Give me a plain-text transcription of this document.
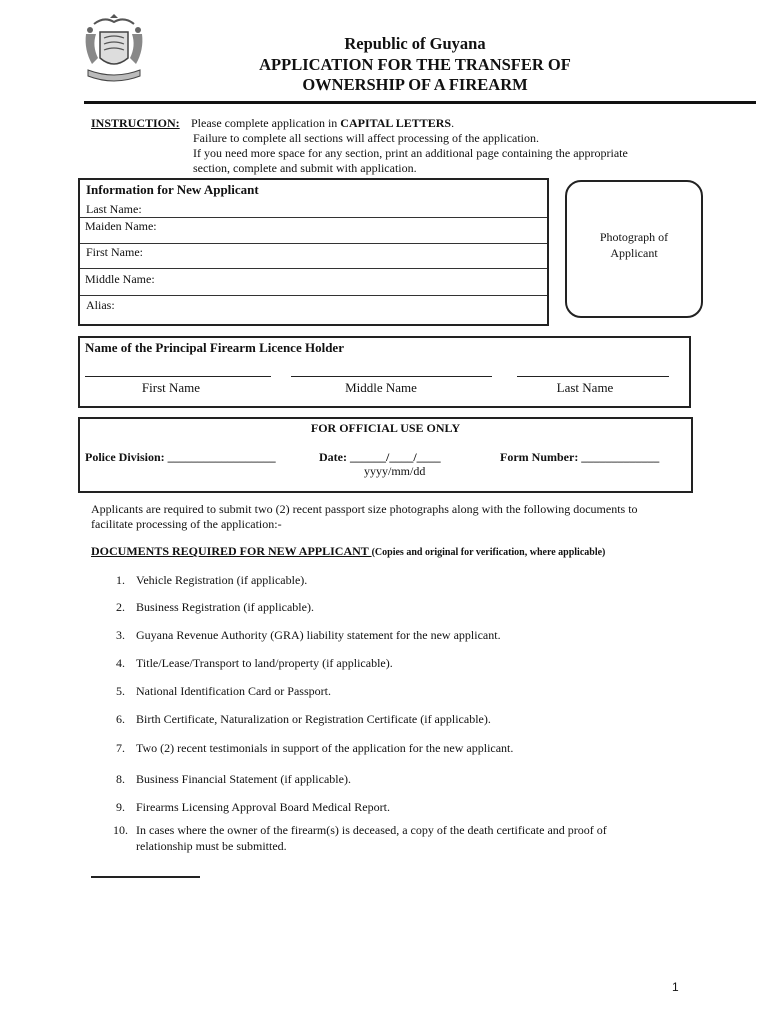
Republic of Guyana
APPLICATION FOR THE TRANSFER OF
OWNERSHIP OF A FIREARM
INSTRUCTION: Please complete application in CAPITAL LETTERS.
Failure to complete all sections will affect processing of the application.
If you need more space for any section, print an additional page containing the appropriate
section, complete and submit with application.
Information for New Applicant
Last Name:
Maiden Name:
First Name:
Middle Name:
Alias:
Photograph of
Applicant
Name of the Principal Firearm Licence Holder
First Name	Middle Name	Last Name
FOR OFFICIAL USE ONLY
Police Division: __________________	Date: ______/____/____
yyyy/mm/dd
Form Number: _____________
Applicants are required to submit two (2) recent passport size photographs along with the following documents to
facilitate processing of the application:-
DOCUMENTS REQUIRED FOR NEW APPLICANT (Copies and original for verification, where applicable)
1. Vehicle Registration (if applicable).
2. Business Registration (if applicable).
3. Guyana Revenue Authority (GRA) liability statement for the new applicant.
4. Title/Lease/Transport to land/property (if applicable).
5. National Identification Card or Passport.
6. Birth Certificate, Naturalization or Registration Certificate (if applicable).
7. Two (2) recent testimonials in support of the application for the new applicant.
8. Business Financial Statement (if applicable).
9. Firearms Licensing Approval Board Medical Report.
10. In cases where the owner of the firearm(s) is deceased, a copy of the death certificate and proof of
relationship must be submitted.
1
